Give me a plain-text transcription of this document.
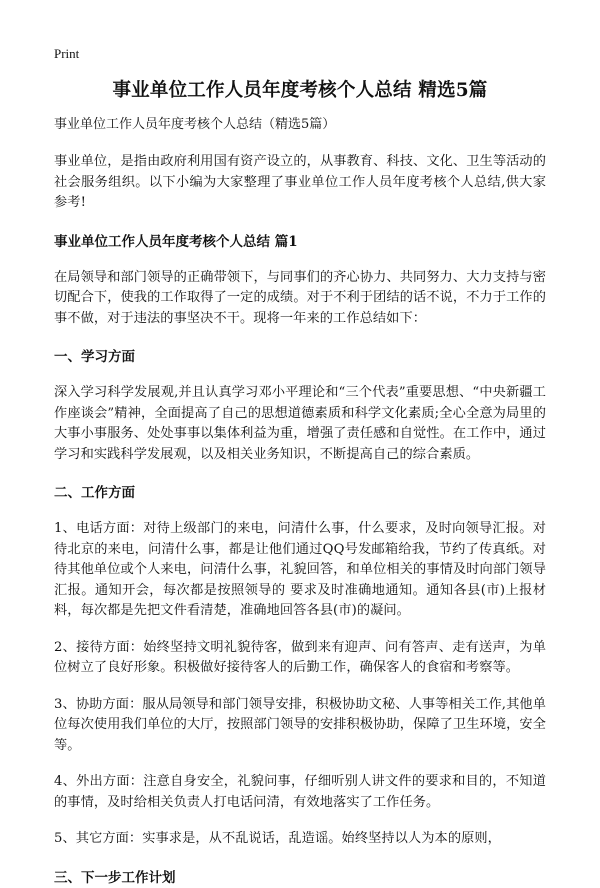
Print
事业单位工作人员年度考核个人总结 精选5篇
事业单位工作人员年度考核个人总结（精选5篇）

事业单位，是指由政府利用国有资产设立的，从事教育、科技、文化、卫生等活动的社会服务组织。以下小编为大家整理了事业单位工作人员年度考核个人总结,供大家参考!

事业单位工作人员年度考核个人总结 篇1

在局领导和部门领导的正确带领下，与同事们的齐心协力、共同努力、大力支持与密切配合下，使我的工作取得了一定的成绩。对于不利于团结的话不说，不力于工作的事不做，对于违法的事坚决不干。现将一年来的工作总结如下：

一、学习方面

深入学习科学发展观,并且认真学习邓小平理论和“三个代表”重要思想、“中央新疆工作座谈会”精神，全面提高了自己的思想道德素质和科学文化素质;全心全意为局里的大事小事服务、处处事事以集体利益为重，增强了责任感和自觉性。在工作中，通过学习和实践科学发展观，以及相关业务知识，不断提高自己的综合素质。

二、工作方面

1、电话方面：对待上级部门的来电，问清什么事，什么要求，及时向领导汇报。对待北京的来电，问清什么事，都是让他们通过QQ号发邮箱给我，节约了传真纸。对待其他单位或个人来电，问清什么事，礼貌回答，和单位相关的事情及时向部门领导汇报。通知开会，每次都是按照领导的 要求及时准确地通知。通知各县(市)上报材料，每次都是先把文件看清楚，准确地回答各县(市)的凝问。

2、接待方面：始终坚持文明礼貌待客，做到来有迎声、问有答声、走有送声，为单位树立了良好形象。积极做好接待客人的后勤工作，确保客人的食宿和考察等。

3、协助方面：服从局领导和部门领导安排，积极协助文秘、人事等相关工作,其他单位每次使用我们单位的大厅，按照部门领导的安排积极协助，保障了卫生环境，安全等。

4、外出方面：注意自身安全，礼貌问事，仔细听别人讲文件的要求和目的，不知道的事情，及时给相关负责人打电话问清，有效地落实了工作任务。

5、其它方面：实事求是，从不乱说话，乱造谣。始终坚持以人为本的原则，

三、下一步工作计划
